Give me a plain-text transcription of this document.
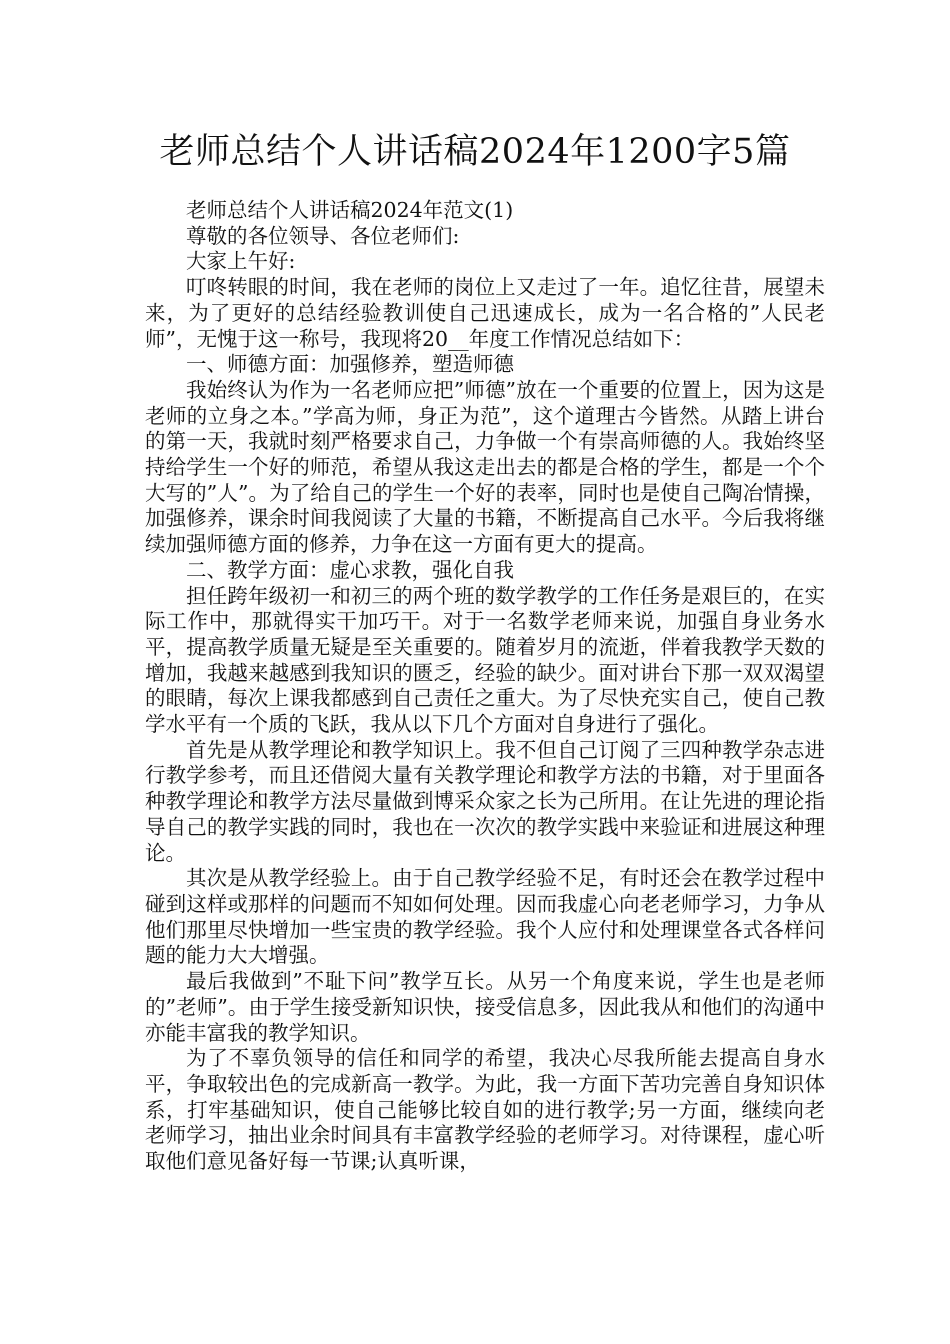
老师总结个人讲话稿2024年1200字5篇

老师总结个人讲话稿2024年范文(1)

尊敬的各位领导、各位老师们:

大家上午好:

叮咚转眼的时间，我在老师的岗位上又走过了一年。追忆往昔，展望未来，为了更好的总结经验教训使自己迅速成长，成为一名合格的”人民老师”，无愧于这一称号，我现将20__年度工作情况总结如下：

一、师德方面：加强修养，塑造师德

我始终认为作为一名老师应把”师德”放在一个重要的位置上，因为这是老师的立身之本。”学高为师，身正为范”，这个道理古今皆然。从踏上讲台的第一天，我就时刻严格要求自己，力争做一个有崇高师德的人。我始终坚持给学生一个好的师范，希望从我这走出去的都是合格的学生，都是一个个大写的”人”。为了给自己的学生一个好的表率，同时也是使自己陶冶情操，加强修养，课余时间我阅读了大量的书籍，不断提高自己水平。今后我将继续加强师德方面的修养，力争在这一方面有更大的提高。

二、教学方面：虚心求教，强化自我

担任跨年级初一和初三的两个班的数学教学的工作任务是艰巨的，在实际工作中，那就得实干加巧干。对于一名数学老师来说，加强自身业务水平，提高教学质量无疑是至关重要的。随着岁月的流逝，伴着我教学天数的增加，我越来越感到我知识的匮乏，经验的缺少。面对讲台下那一双双渴望的眼睛，每次上课我都感到自己责任之重大。为了尽快充实自己，使自己教学水平有一个质的飞跃，我从以下几个方面对自身进行了强化。

首先是从教学理论和教学知识上。我不但自己订阅了三四种教学杂志进行教学参考，而且还借阅大量有关教学理论和教学方法的书籍，对于里面各种教学理论和教学方法尽量做到博采众家之长为己所用。在让先进的理论指导自己的教学实践的同时，我也在一次次的教学实践中来验证和进展这种理论。

其次是从教学经验上。由于自己教学经验不足，有时还会在教学过程中碰到这样或那样的问题而不知如何处理。因而我虚心向老老师学习，力争从他们那里尽快增加一些宝贵的教学经验。我个人应付和处理课堂各式各样问题的能力大大增强。

最后我做到”不耻下问”教学互长。从另一个角度来说，学生也是老师的”老师”。由于学生接受新知识快，接受信息多，因此我从和他们的沟通中亦能丰富我的教学知识。

为了不辜负领导的信任和同学的希望，我决心尽我所能去提高自身水平，争取较出色的完成新高一教学。为此，我一方面下苦功完善自身知识体系，打牢基础知识，使自己能够比较自如的进行教学;另一方面，继续向老老师学习，抽出业余时间具有丰富教学经验的老师学习。对待课程，虚心听取他们意见备好每一节课;认真听课，
